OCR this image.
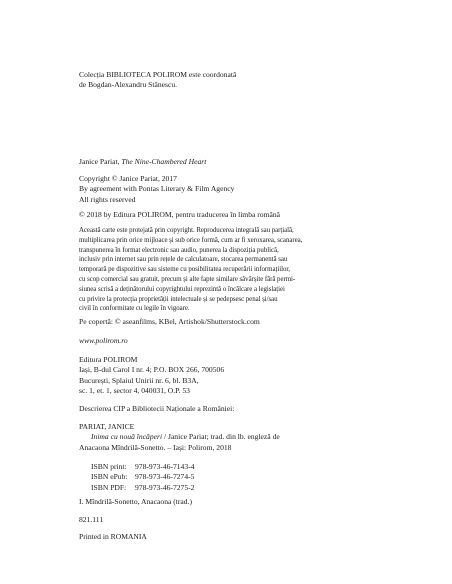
Colecția BIBLIOTECA POLIROM este coordonată
de Bogdan-Alexandru Stănescu.
Janice Pariat, The Nine-Chambered Heart
Copyright © Janice Pariat, 2017
By agreement with Pontas Literary & Film Agency
All rights reserved
© 2018 by Editura POLIROM, pentru traducerea în limba română
Această carte este protejată prin copyright. Reproducerea integrală sau parțială,
multiplicarea prin orice mijloace și sub orice formă, cum ar fi xeroxarea, scanarea,
transpunerea în format electronic sau audio, punerea la dispoziția publică,
inclusiv prin internet sau prin rețele de calculatoare, stocarea permanentă sau
temporară pe dispozitive sau sisteme cu posibilitatea recuperării informațiilor,
cu scop comercial sau gratuit, precum și alte fapte similare săvârșite fără permi-
siunea scrisă a deținătorului copyrightului reprezintă o încălcare a legislației
cu privire la protecția proprietății intelectuale și se pedepsesc penal și/sau
civil în conformitate cu legile în vigoare.
Pe copertă: © aseanfilms, KBel, Artishok/Shutterstock.com
www.polirom.ro
Editura POLIROM
Iași, B-dul Carol I nr. 4; P.O. BOX 266, 700506
București, Splaiul Unirii nr. 6, bl. B3A,
sc. 1, et. 1, sector 4, 040031, O.P. 53
Descrierea CIP a Bibliotecii Naționale a României:
PARIAT, JANICE
Inima cu nouă încăperi / Janice Pariat; trad. din lb. engleză de
Anacaona Mîndrilă-Sonetto. – Iași: Polirom, 2018
ISBN print: 978-973-46-7143-4
ISBN ePub: 978-973-46-7274-5
ISBN PDF: 978-973-46-7275-2
I. Mîndrilă-Sonetto, Anacaona (trad.)
821.111
Printed in ROMANIA
